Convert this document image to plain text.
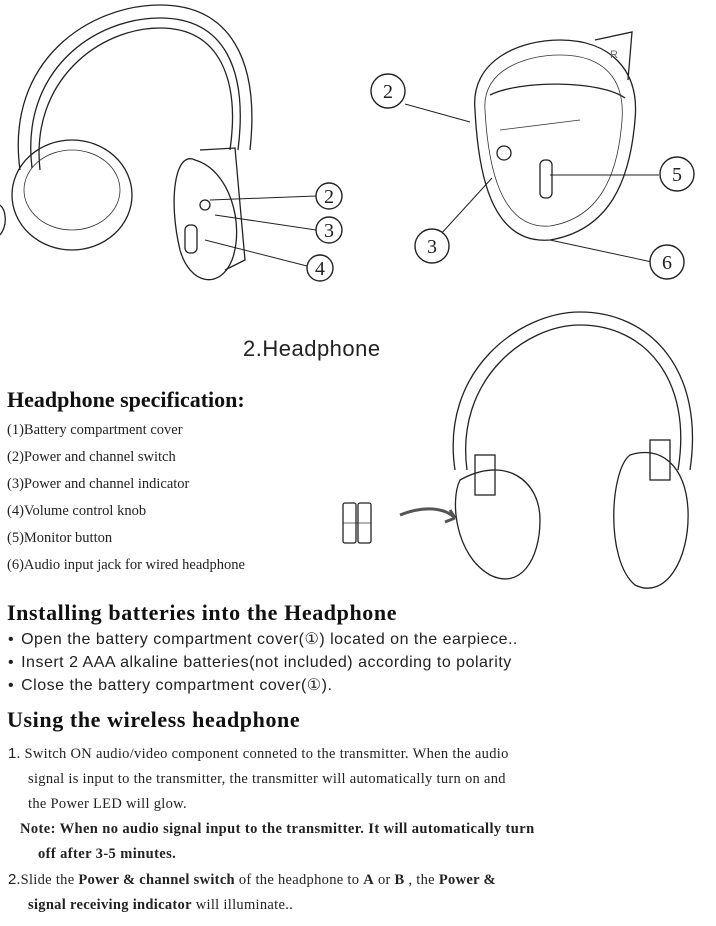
2
3
4
R
2
3
5
6
2.Headphone
Headphone specification:
(1)Battery compartment cover
(2)Power and channel switch
(3)Power and channel indicator
(4)Volume control knob
(5)Monitor button
(6)Audio input jack for wired headphone
Installing batteries into the Headphone
• Open the battery compartment cover(①) located on the earpiece..
• Insert 2 AAA alkaline batteries(not included) according to polarity
• Close the battery compartment cover(①).
Using the wireless headphone
1. Switch ON audio/video component conneted to the transmitter. When the audio
signal is input to the transmitter, the transmitter will automatically turn on and
the Power LED will glow.
Note: When no audio signal input to the transmitter. It will automatically turn
off after 3-5 minutes.
2.Slide the Power & channel switch of the headphone to A or B , the Power &
signal receiving indicator will illuminate..
